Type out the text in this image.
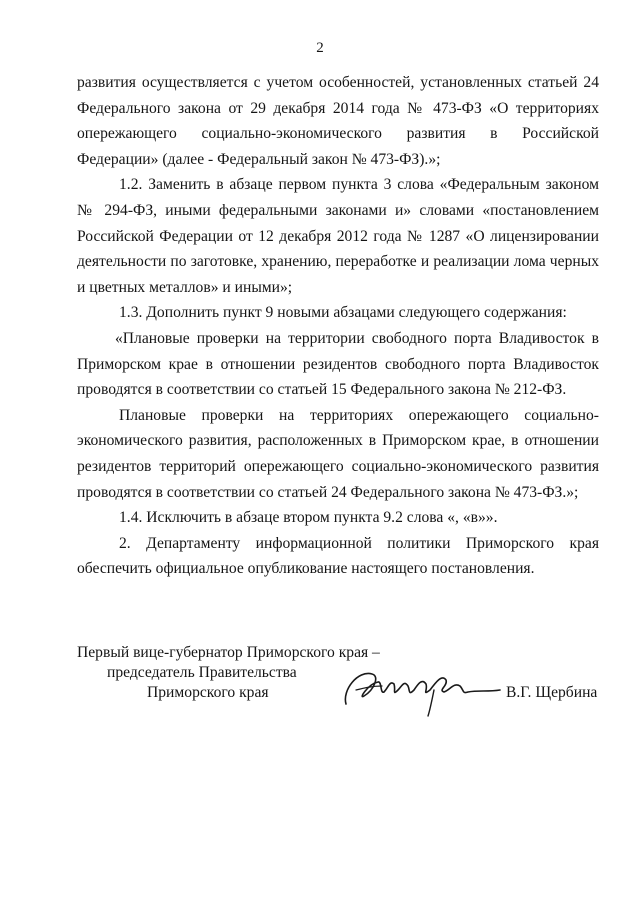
2

развития осуществляется с учетом особенностей, установленных статьей 24 Федерального закона от 29 декабря 2014 года № 473-ФЗ «О территориях опережающего социально-экономического развития в Российской Федерации» (далее - Федеральный закон № 473-ФЗ).»;

1.2. Заменить в абзаце первом пункта 3 слова «Федеральным законом № 294-ФЗ, иными федеральными законами и» словами «постановлением Российской Федерации от 12 декабря 2012 года № 1287 «О лицензировании деятельности по заготовке, хранению, переработке и реализации лома черных и цветных металлов» и иными»;

1.3. Дополнить пункт 9 новыми абзацами следующего содержания:

«Плановые проверки на территории свободного порта Владивосток в Приморском крае в отношении резидентов свободного порта Владивосток проводятся в соответствии со статьей 15 Федерального закона № 212-ФЗ.

Плановые проверки на территориях опережающего социально-экономического развития, расположенных в Приморском крае, в отношении резидентов территорий опережающего социально-экономического развития проводятся в соответствии со статьей 24 Федерального закона № 473-ФЗ.»;

1.4. Исключить в абзаце втором пункта 9.2 слова «, «в»».

2. Департаменту информационной политики Приморского края обеспечить официальное опубликование настоящего постановления.

Первый вице-губернатор Приморского края –
председатель Правительства
Приморского края	В.Г. Щербина
